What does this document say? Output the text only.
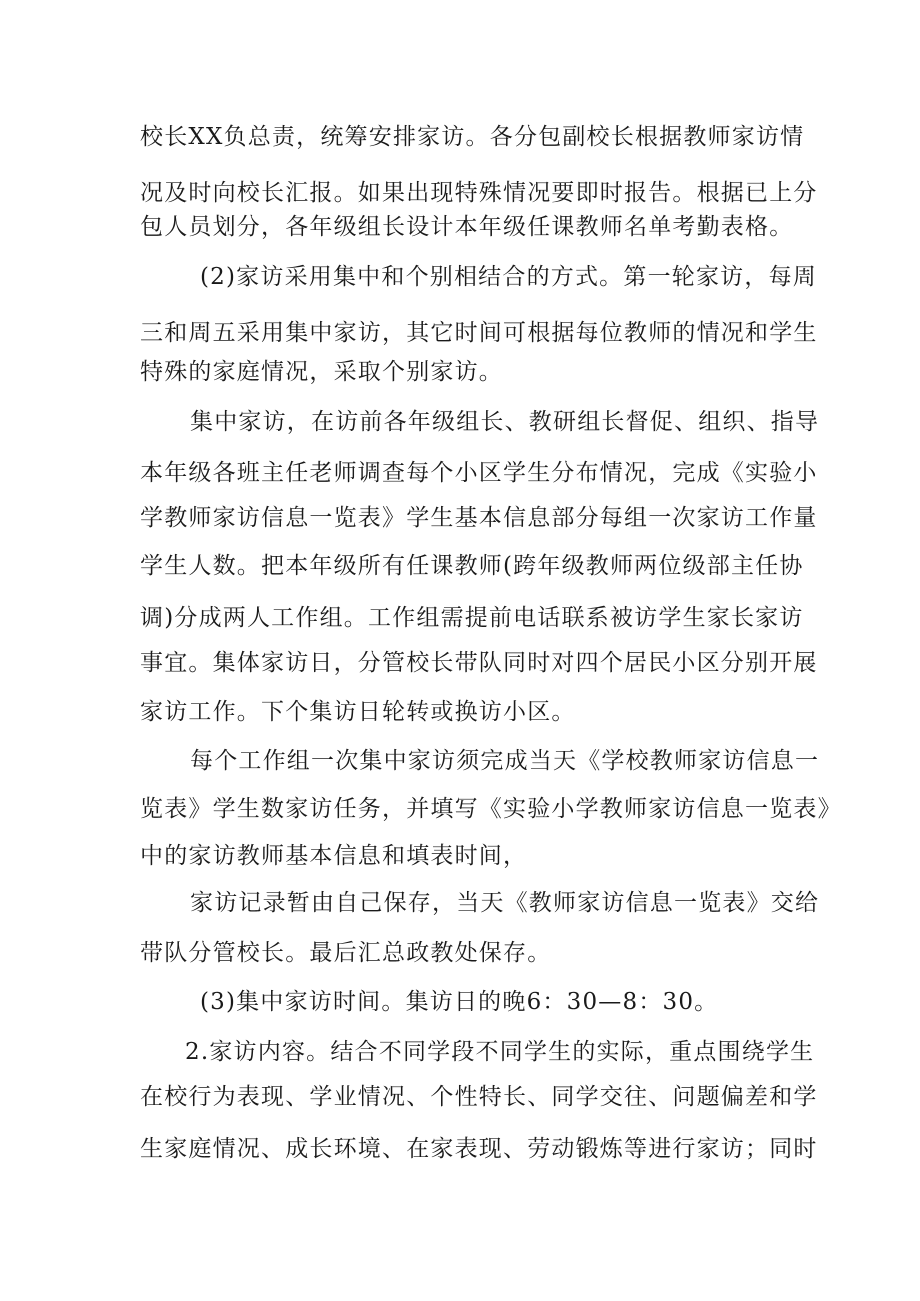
校长XX负总责，统筹安排家访。各分包副校长根据教师家访情
况及时向校长汇报。如果出现特殊情况要即时报告。根据已上分
包人员划分，各年级组长设计本年级任课教师名单考勤表格。
(2)家访采用集中和个别相结合的方式。第一轮家访，每周
三和周五采用集中家访，其它时间可根据每位教师的情况和学生
特殊的家庭情况，采取个别家访。
集中家访，在访前各年级组长、教研组长督促、组织、指导
本年级各班主任老师调查每个小区学生分布情况，完成《实验小
学教师家访信息一览表》学生基本信息部分每组一次家访工作量
学生人数。把本年级所有任课教师(跨年级教师两位级部主任协
调)分成两人工作组。工作组需提前电话联系被访学生家长家访
事宜。集体家访日，分管校长带队同时对四个居民小区分别开展
家访工作。下个集访日轮转或换访小区。
每个工作组一次集中家访须完成当天《学校教师家访信息一
览表》学生数家访任务，并填写《实验小学教师家访信息一览表》
中的家访教师基本信息和填表时间，
家访记录暂由自己保存，当天《教师家访信息一览表》交给
带队分管校长。最后汇总政教处保存。
(3)集中家访时间。集访日的晚6：30—8：30。
2.家访内容。结合不同学段不同学生的实际，重点围绕学生
在校行为表现、学业情况、个性特长、同学交往、问题偏差和学
生家庭情况、成长环境、在家表现、劳动锻炼等进行家访；同时
